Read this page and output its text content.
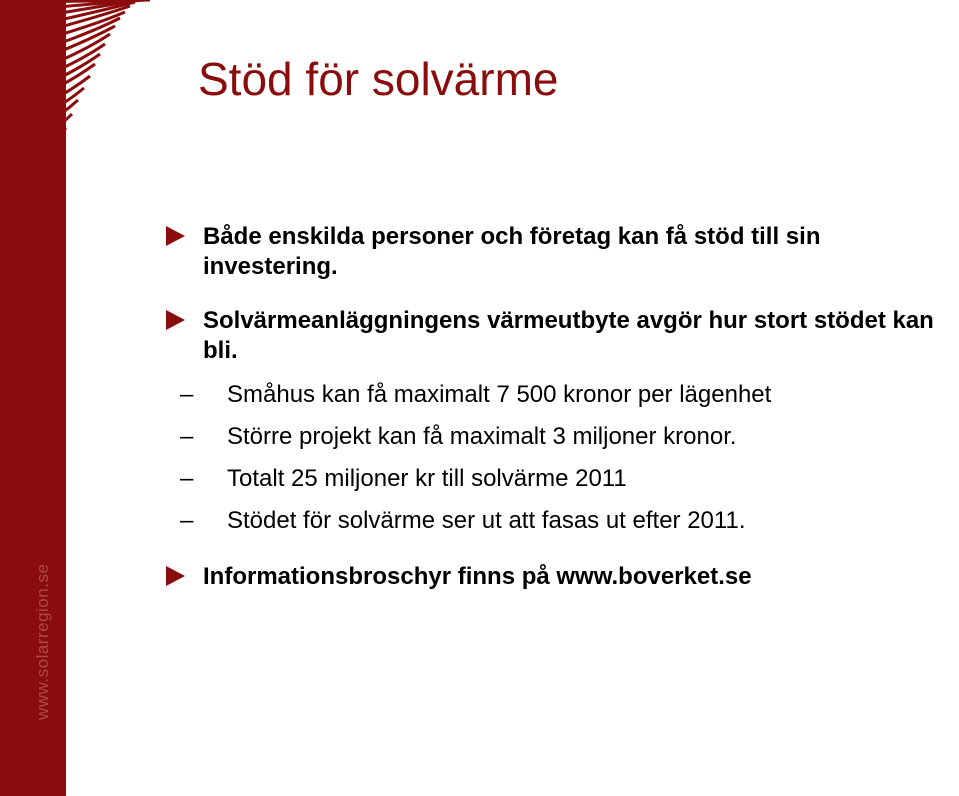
www.solarregion.se
Stöd för solvärme
Både enskilda personer och företag kan få stöd till sin investering.
Solvärmeanläggningens värmeutbyte avgör hur stort stödet kan bli.
– Småhus kan få maximalt 7 500 kronor per lägenhet
– Större projekt kan få maximalt 3 miljoner kronor.
– Totalt 25 miljoner kr till solvärme 2011
– Stödet för solvärme ser ut att fasas ut efter 2011.
Informationsbroschyr finns på www.boverket.se
